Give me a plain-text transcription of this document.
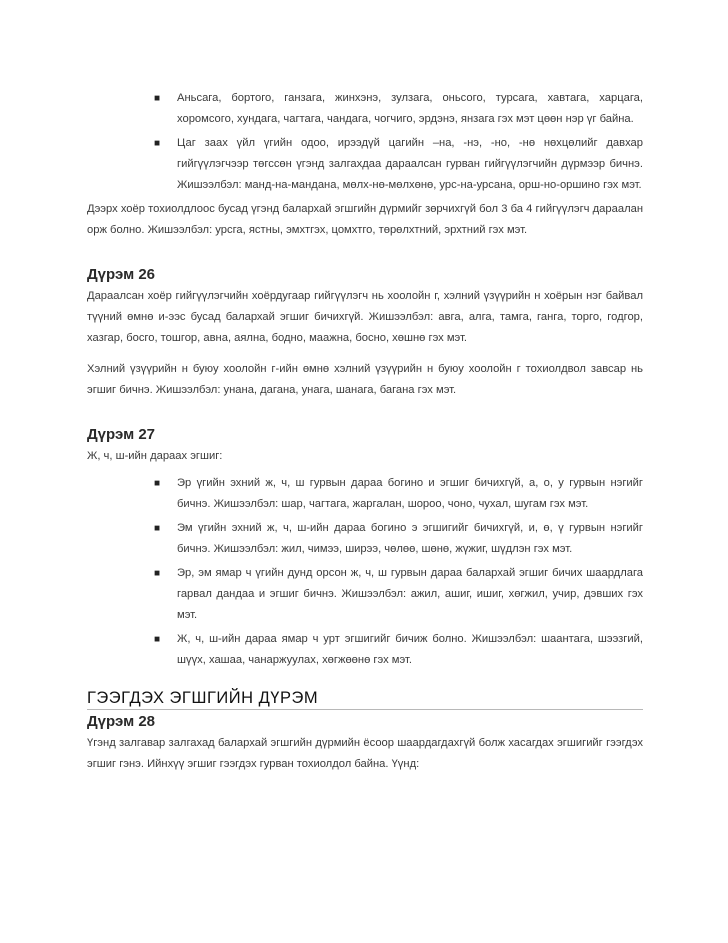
■ Аньсага, бортого, ганзага, жинхэнэ, зулзага, оньсого, турсага, хавтага, харцага, хоромсого, хундага, чагтага, чандага, чогчиго, эрдэнэ, янзага гэх мэт цөөн нэр үг байна.
■ Цаг заах үйл үгийн одоо, ирээдүй цагийн –на, -нэ, -но, -нө нөхцөлийг давхар гийгүүлэгчээр төгссөн үгэнд залгахдаа дараалсан гурван гийгүүлэгчийн дүрмээр бичнэ. Жишээлбэл: манд-на-мандана, мөлх-нө-мөлхөнө, урс-на-урсана, орш-но-оршино гэх мэт.

Дээрх хоёр тохиолдлоос бусад үгэнд балархай эгшгийн дүрмийг зөрчихгүй бол 3 ба 4 гийгүүлэгч дараалан орж болно. Жишээлбэл: урсга, ястны, эмхтгэх, цомхтго, төрөлхтний, эрхтний гэх мэт.

Дүрэм 26

Дараалсан хоёр гийгүүлэгчийн хоёрдугаар гийгүүлэгч нь хоолойн г, хэлний үзүүрийн н хоёрын нэг байвал түүний өмнө и-ээс бусад балархай эгшиг бичихгүй. Жишээлбэл: авга, алга, тамга, ганга, торго, годгор, хазгар, босго, тошгор, авна, аялна, бодно, маажна, босно, хөшнө гэх мэт.

Хэлний үзүүрийн н буюу хоолойн г-ийн өмнө хэлний үзүүрийн н буюу хоолойн г тохиолдвол завсар нь эгшиг бичнэ. Жишээлбэл: унана, дагана, унага, шанага, багана гэх мэт.

Дүрэм 27

Ж, ч, ш-ийн дараах эгшиг:

■ Эр үгийн эхний ж, ч, ш гурвын дараа богино и эгшиг бичихгүй, а, о, у гурвын нэгийг бичнэ. Жишээлбэл: шар, чагтага, жаргалан, шороо, чоно, чухал, шугам гэх мэт.
■ Эм үгийн эхний ж, ч, ш-ийн дараа богино э эгшигийг бичихгүй, и, ө, ү гурвын нэгийг бичнэ. Жишээлбэл: жил, чимээ, ширээ, чөлөө, шөнө, жүжиг, шүдлэн гэх мэт.
■ Эр, эм ямар ч үгийн дунд орсон ж, ч, ш гурвын дараа балархай эгшиг бичих шаардлага гарвал дандаа и эгшиг бичнэ. Жишээлбэл: ажил, ашиг, ишиг, хөгжил, учир, дэвших гэх мэт.
■ Ж, ч, ш-ийн дараа ямар ч урт эгшигийг бичиж болно. Жишээлбэл: шаантага, шээзгий, шүүх, хашаа, чанаржуулах, хөгжөөнө гэх мэт.
ГЭЭГДЭХ ЭГШГИЙН ДҮРЭМ
Дүрэм 28

Үгэнд залгавар залгахад балархай эгшгийн дүрмийн ёсоор шаардагдахгүй болж хасагдах эгшигийг гээгдэх эгшиг гэнэ. Ийнхүү эгшиг гээгдэх гурван тохиолдол байна. Үүнд:
